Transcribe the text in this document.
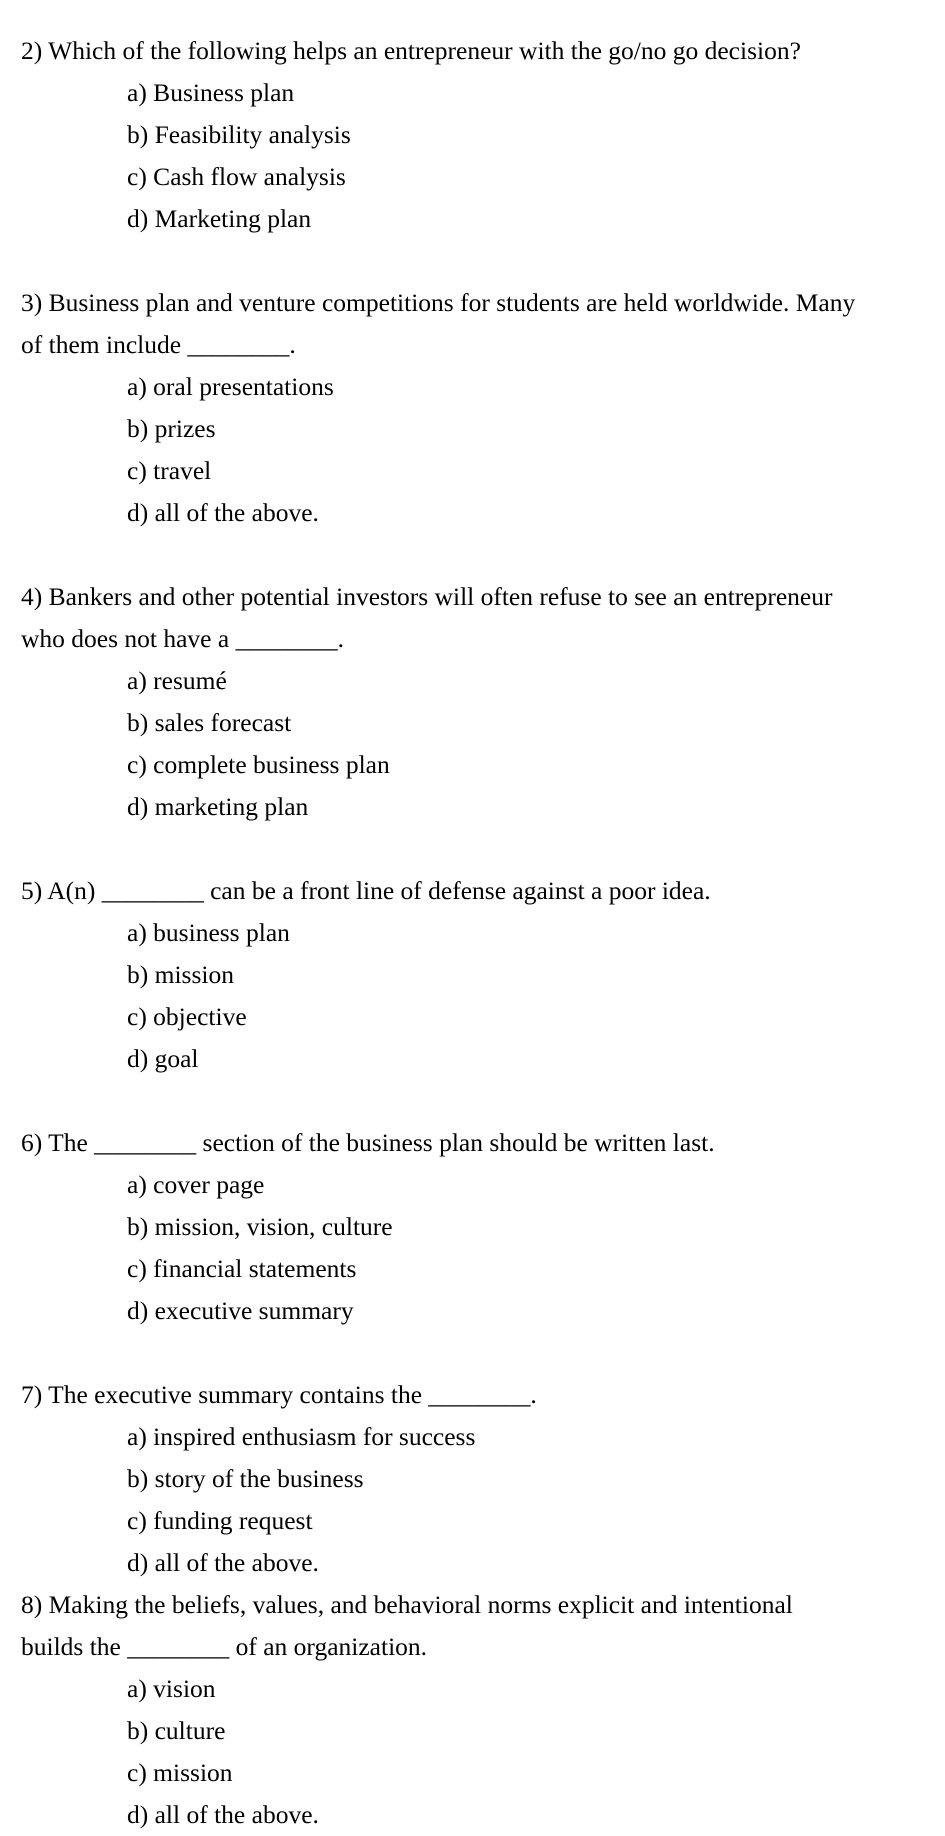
2) Which of the following helps an entrepreneur with the go/no go decision?
a) Business plan
b) Feasibility analysis
c) Cash flow analysis
d) Marketing plan
3) Business plan and venture competitions for students are held worldwide. Many
of them include ________.
a) oral presentations
b) prizes
c) travel
d) all of the above.
4) Bankers and other potential investors will often refuse to see an entrepreneur
who does not have a ________.
a) resumé
b) sales forecast
c) complete business plan
d) marketing plan
5) A(n) ________ can be a front line of defense against a poor idea.
a) business plan
b) mission
c) objective
d) goal
6) The ________ section of the business plan should be written last.
a) cover page
b) mission, vision, culture
c) financial statements
d) executive summary
7) The executive summary contains the ________.
a) inspired enthusiasm for success
b) story of the business
c) funding request
d) all of the above.
8) Making the beliefs, values, and behavioral norms explicit and intentional
builds the ________ of an organization.
a) vision
b) culture
c) mission
d) all of the above.
